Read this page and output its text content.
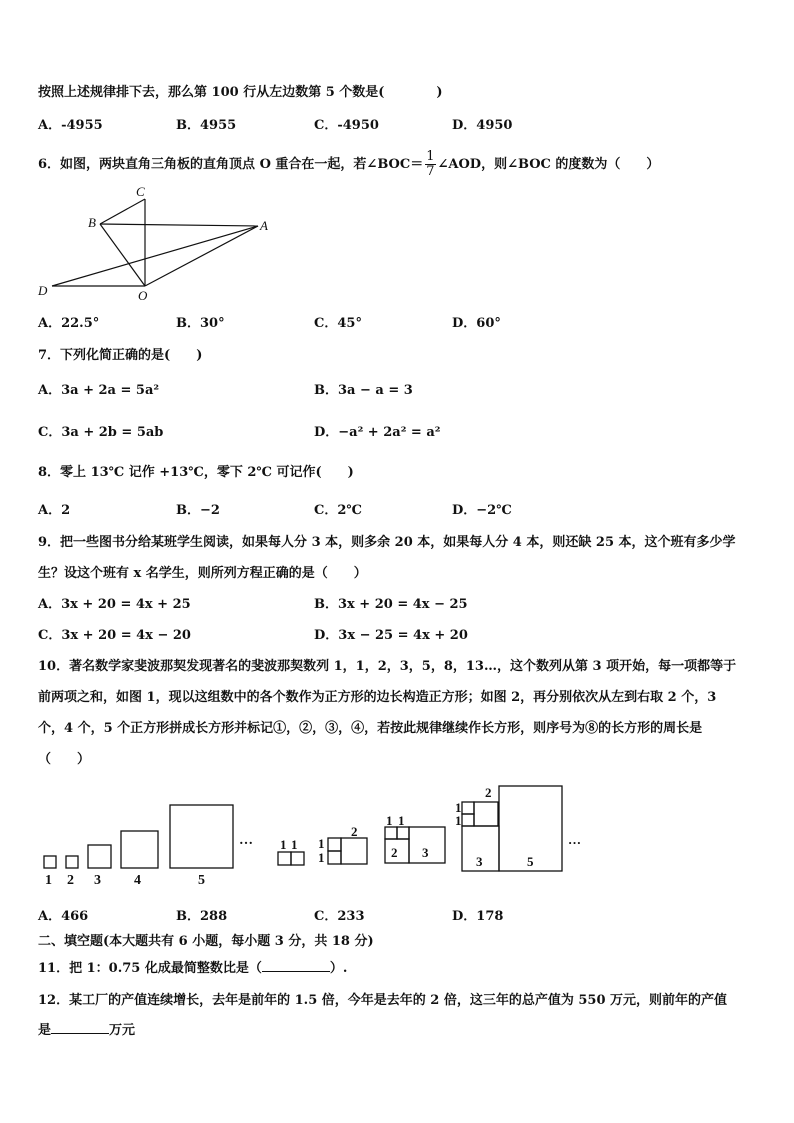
按照上述规律排下去，那么第 100 行从左边数第 5 个数是(　　　　)
A．-4955	B．4955	C．-4950	D．4950
6．如图，两块直角三角板的直角顶点 O 重合在一起，若∠BOC＝ $\frac{1}{7}$ ∠AOD，则∠BOC 的度数为（　　）
C
B	A
D	O
A．22.5°	B．30°	C．45°	D．60°
7．下列化简正确的是(　　)
A．3a + 2a = 5a²	B．3a − a = 3
C．3a + 2b = 5ab	D．−a² + 2a² = a²
8．零上 13℃ 记作 +13℃，零下 2℃ 可记作(　　)
A．2	B．−2	C．2℃	D．−2℃
9．把一些图书分给某班学生阅读，如果每人分 3 本，则多余 20 本，如果每人分 4 本，则还缺 25 本，这个班有多少学
生？设这个班有 x 名学生，则所列方程正确的是（　　）
A．3x + 20 = 4x + 25	B．3x + 20 = 4x − 25
C．3x + 20 = 4x − 20	D．3x − 25 = 4x + 20
10．著名数学家斐波那契发现著名的斐波那契数列 1，1，2，3，5，8，13…，这个数列从第 3 项开始，每一项都等于
前两项之和，如图 1，现以这组数中的各个数作为正方形的边长构造正方形；如图 2，再分别依次从左到右取 2 个，3
个，4 个，5 个正方形拼成长方形并标记①，②，③，④，若按此规律继续作长方形，则序号为⑧的长方形的周长是
（　　）
1 2 3 4	5
… 1 1 1
1
2
1 1
2 3
1
1
2
3	5
…
A．466	B．288	C．233	D．178
二、填空题(本大题共有 6 小题，每小题 3 分，共 18 分)
11．把 1：0.75 化成最简整数比是（	）.
12．某工厂的产值连续增长，去年是前年的 1.5 倍，今年是去年的 2 倍，这三年的总产值为 550 万元，则前年的产值
是	万元
